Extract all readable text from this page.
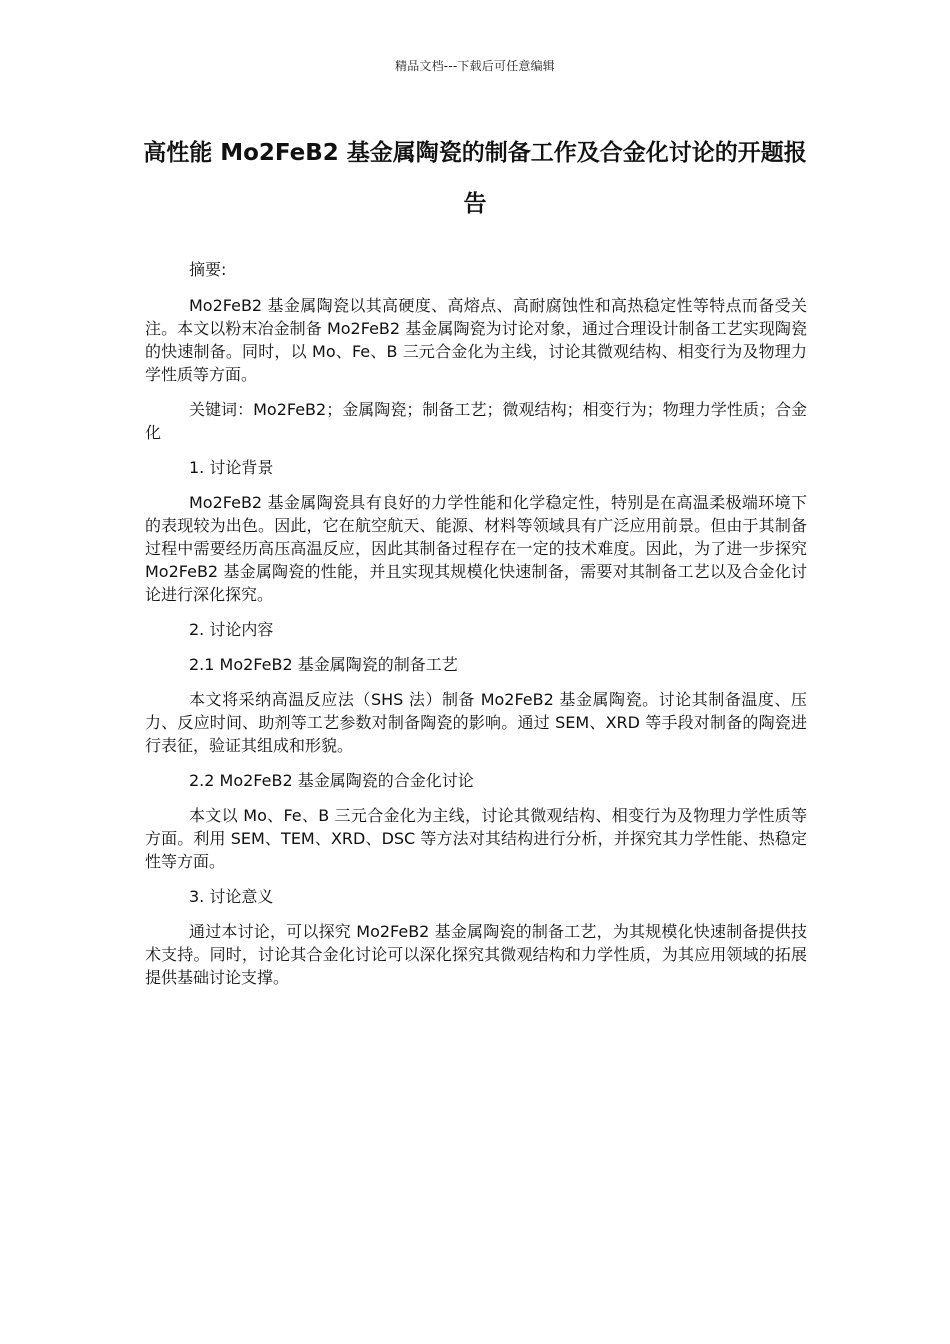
精品文档---下载后可任意编辑
高性能 Mo2FeB2 基金属陶瓷的制备工作及合金化讨论的开题报告

摘要:

Mo2FeB2 基金属陶瓷以其高硬度、高熔点、高耐腐蚀性和高热稳定性等特点而备受关注。本文以粉末冶金制备 Mo2FeB2 基金属陶瓷为讨论对象，通过合理设计制备工艺实现陶瓷的快速制备。同时，以 Mo、Fe、B 三元合金化为主线，讨论其微观结构、相变行为及物理力学性质等方面。

关键词：Mo2FeB2；金属陶瓷；制备工艺；微观结构；相变行为；物理力学性质；合金化

1. 讨论背景

Mo2FeB2 基金属陶瓷具有良好的力学性能和化学稳定性，特别是在高温柔极端环境下的表现较为出色。因此，它在航空航天、能源、材料等领域具有广泛应用前景。但由于其制备过程中需要经历高压高温反应，因此其制备过程存在一定的技术难度。因此，为了进一步探究 Mo2FeB2 基金属陶瓷的性能，并且实现其规模化快速制备，需要对其制备工艺以及合金化讨论进行深化探究。

2. 讨论内容

2.1 Mo2FeB2 基金属陶瓷的制备工艺

本文将采纳高温反应法（SHS 法）制备 Mo2FeB2 基金属陶瓷。讨论其制备温度、压力、反应时间、助剂等工艺参数对制备陶瓷的影响。通过 SEM、XRD 等手段对制备的陶瓷进行表征，验证其组成和形貌。

2.2 Mo2FeB2 基金属陶瓷的合金化讨论

本文以 Mo、Fe、B 三元合金化为主线，讨论其微观结构、相变行为及物理力学性质等方面。利用 SEM、TEM、XRD、DSC 等方法对其结构进行分析，并探究其力学性能、热稳定性等方面。

3. 讨论意义

通过本讨论，可以探究 Mo2FeB2 基金属陶瓷的制备工艺，为其规模化快速制备提供技术支持。同时，讨论其合金化讨论可以深化探究其微观结构和力学性质，为其应用领域的拓展提供基础讨论支撑。
